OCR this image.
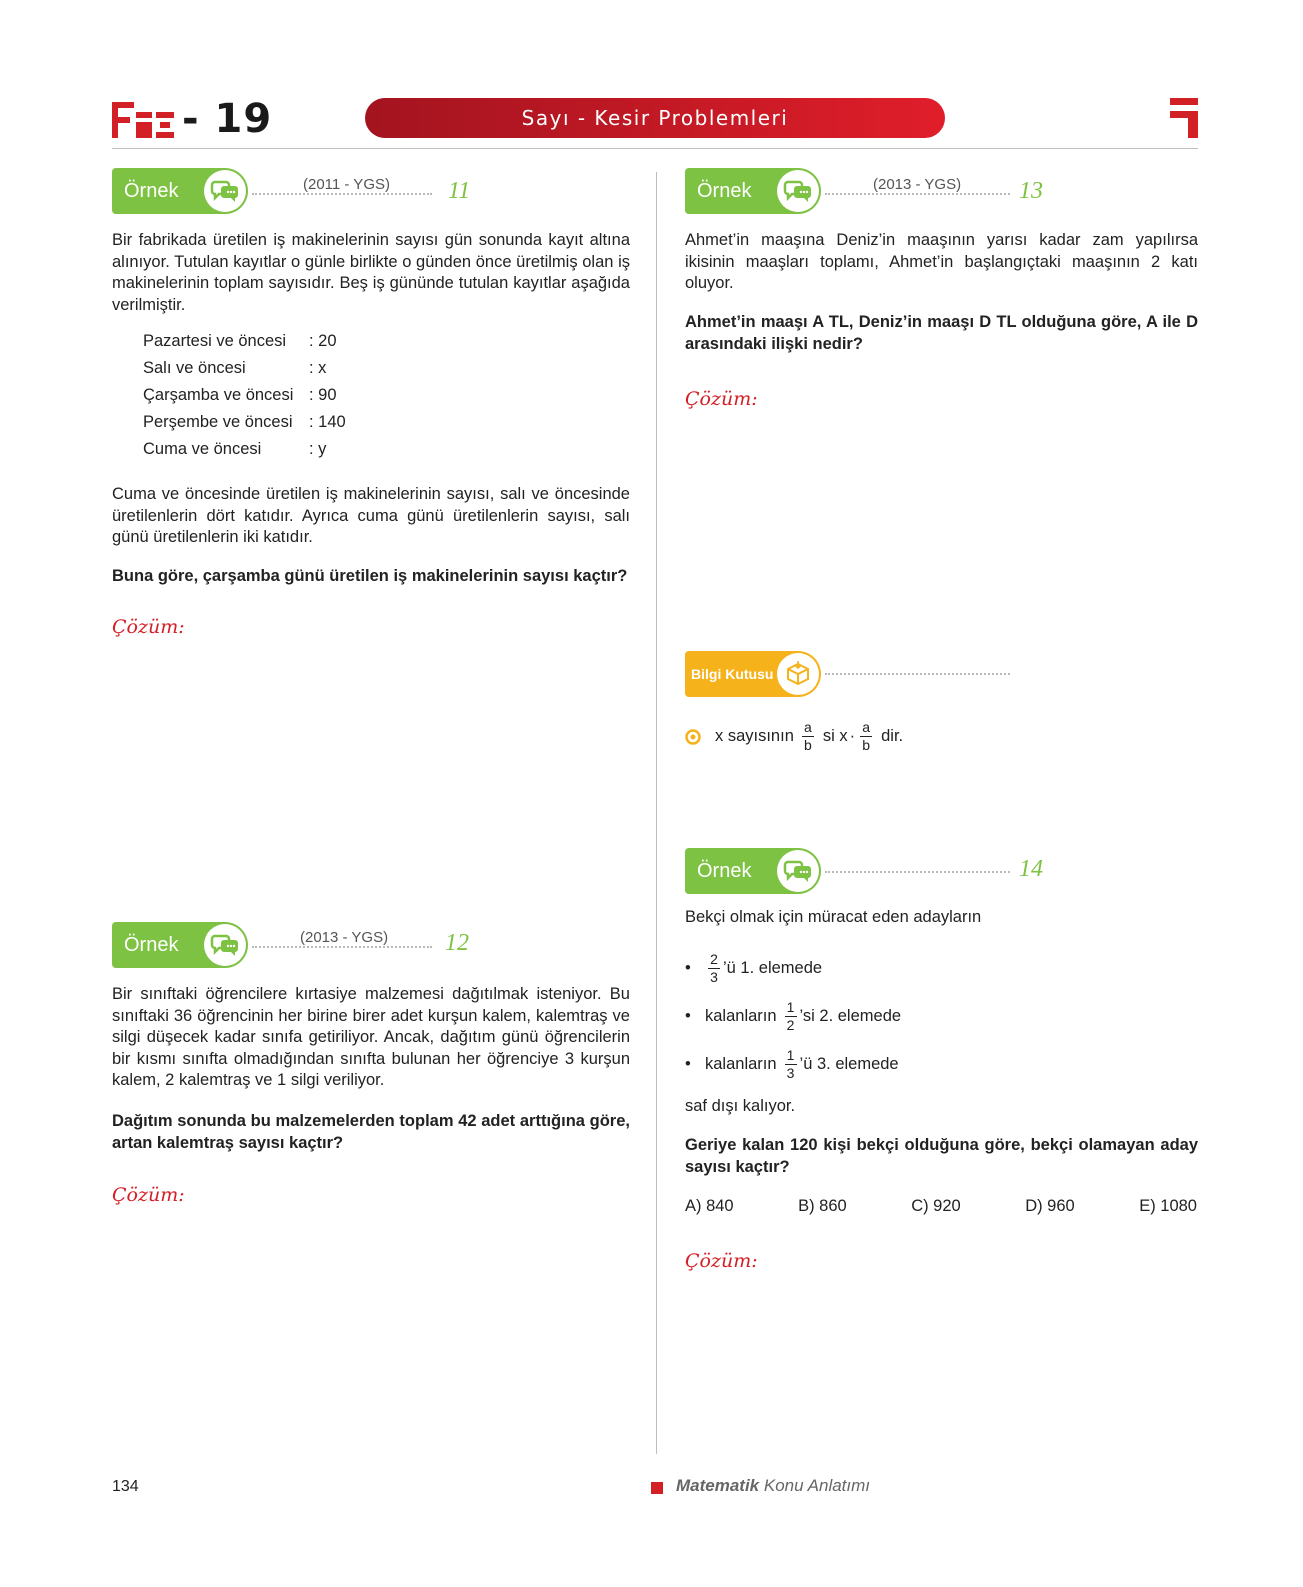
- 19	Sayı - Kesir Problemleri
Örnek	(2011 - YGS) 11
Bir fabrikada üretilen iş makinelerinin sayısı gün sonunda kayıt altına alınıyor. Tutulan kayıtlar o günle birlikte o günden önce üretilmiş olan iş makinelerinin toplam sayısıdır. Beş iş gününde tutulan kayıtlar aşağıda verilmiştir.
Pazartesi ve öncesi	: 20
Salı ve öncesi	: x
Çarşamba ve öncesi : 90
Perşembe ve öncesi	: 140
Cuma ve öncesi	: y
Cuma ve öncesinde üretilen iş makinelerinin sayısı, salı ve öncesinde üretilenlerin dört katıdır. Ayrıca cuma günü üretilenlerin sayısı, salı günü üretilenlerin iki katıdır.
Buna göre, çarşamba günü üretilen iş makinelerinin sayısı kaçtır?
Çözüm:
Örnek	(2013 - YGS) 12
Bir sınıftaki öğrencilere kırtasiye malzemesi dağıtılmak isteniyor. Bu sınıftaki 36 öğrencinin her birine birer adet kurşun kalem, kalemtraş ve silgi düşecek kadar sınıfa getiriliyor. Ancak, dağıtım günü öğrencilerin bir kısmı sınıfta olmadığından sınıfta bulunan her öğrenciye 3 kurşun kalem, 2 kalemtraş ve 1 silgi veriliyor.
Dağıtım sonunda bu malzemelerden toplam 42 adet arttığına göre, artan kalemtraş sayısı kaçtır?
Çözüm:
Örnek	(2013 - YGS) 13
Ahmet’in maaşına Deniz’in maaşının yarısı kadar zam yapılırsa ikisinin maaşları toplamı, Ahmet’in başlangıçtaki maaşının 2 katı oluyor.
Ahmet’in maaşı A TL, Deniz’in maaşı D TL olduğuna göre, A ile D arasındaki ilişki nedir?
Çözüm:
Bilgi Kutusu
x sayısının $\frac{a}{b}$ si $x \cdot \frac{a}{b}$ dir.
Örnek	14
Bekçi olmak için müracat eden adayların
•	$\frac{2}{3}$ ’ü 1. elemede
• kalanların $\frac{1}{2}$ ’si 2. elemede
• kalanların $\frac{1}{3}$ ’ü 3. elemede
saf dışı kalıyor.
Geriye kalan 120 kişi bekçi olduğuna göre, bekçi olamayan aday sayısı kaçtır?
A) 840	B) 860	C) 920	D) 960	E) 1080
Çözüm:
134	Matematik Konu Anlatımı
